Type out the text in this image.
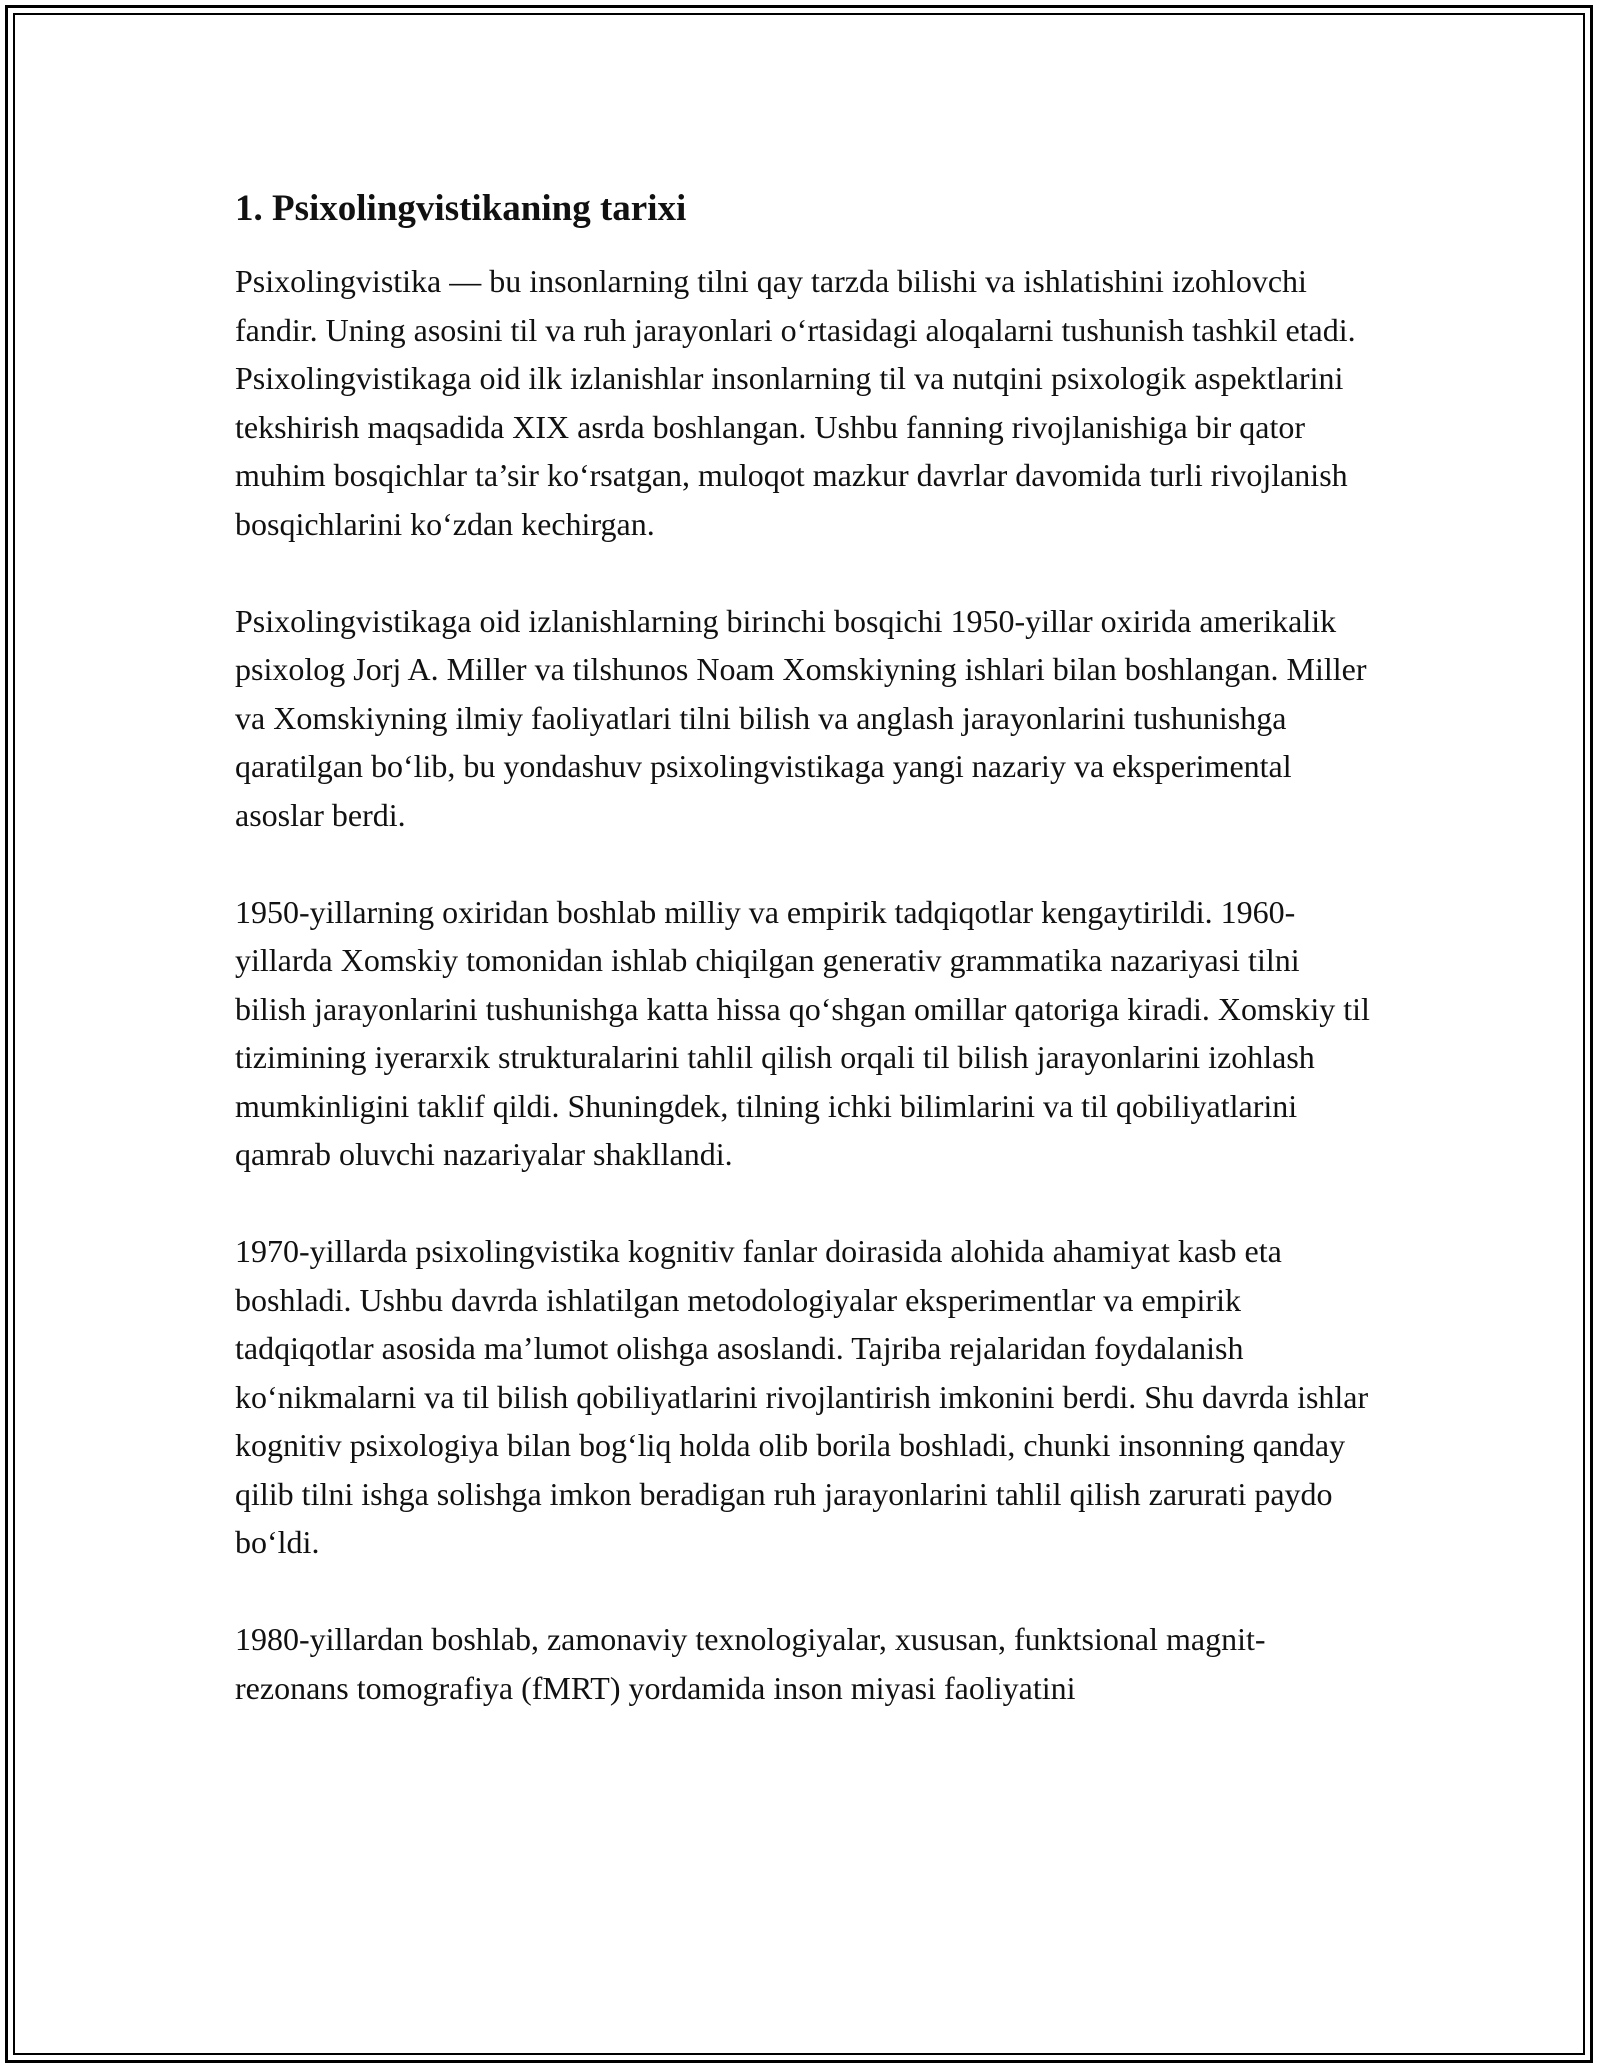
1. Psixolingvistikaning tarixi

Psixolingvistika — bu insonlarning tilni qay tarzda bilishi va ishlatishini izohlovchi fandir. Uning asosini til va ruh jarayonlari oʻrtasidagi aloqalarni tushunish tashkil etadi. Psixolingvistikaga oid ilk izlanishlar insonlarning til va nutqini psixologik aspektlarini tekshirish maqsadida XIX asrda boshlangan. Ushbu fanning rivojlanishiga bir qator muhim bosqichlar ta’sir koʻrsatgan, muloqot mazkur davrlar davomida turli rivojlanish bosqichlarini koʻzdan kechirgan.

Psixolingvistikaga oid izlanishlarning birinchi bosqichi 1950-yillar oxirida amerikalik psixolog Jorj A. Miller va tilshunos Noam Xomskiyning ishlari bilan boshlangan. Miller va Xomskiyning ilmiy faoliyatlari tilni bilish va anglash jarayonlarini tushunishga qaratilgan boʻlib, bu yondashuv psixolingvistikaga yangi nazariy va eksperimental asoslar berdi.

1950-yillarning oxiridan boshlab milliy va empirik tadqiqotlar kengaytirildi. 1960-yillarda Xomskiy tomonidan ishlab chiqilgan generativ grammatika nazariyasi tilni bilish jarayonlarini tushunishga katta hissa qoʻshgan omillar qatoriga kiradi. Xomskiy til tizimining iyerarxik strukturalarini tahlil qilish orqali til bilish jarayonlarini izohlash mumkinligini taklif qildi. Shuningdek, tilning ichki bilimlarini va til qobiliyatlarini qamrab oluvchi nazariyalar shakllandi.

1970-yillarda psixolingvistika kognitiv fanlar doirasida alohida ahamiyat kasb eta boshladi. Ushbu davrda ishlatilgan metodologiyalar eksperimentlar va empirik tadqiqotlar asosida ma’lumot olishga asoslandi. Tajriba rejalaridan foydalanish koʻnikmalarni va til bilish qobiliyatlarini rivojlantirish imkonini berdi. Shu davrda ishlar kognitiv psixologiya bilan bogʻliq holda olib borila boshladi, chunki insonning qanday qilib tilni ishga solishga imkon beradigan ruh jarayonlarini tahlil qilish zarurati paydo boʻldi.

1980-yillardan boshlab, zamonaviy texnologiyalar, xususan, funktsional magnit-rezonans tomografiya (fMRT) yordamida inson miyasi faoliyatini
